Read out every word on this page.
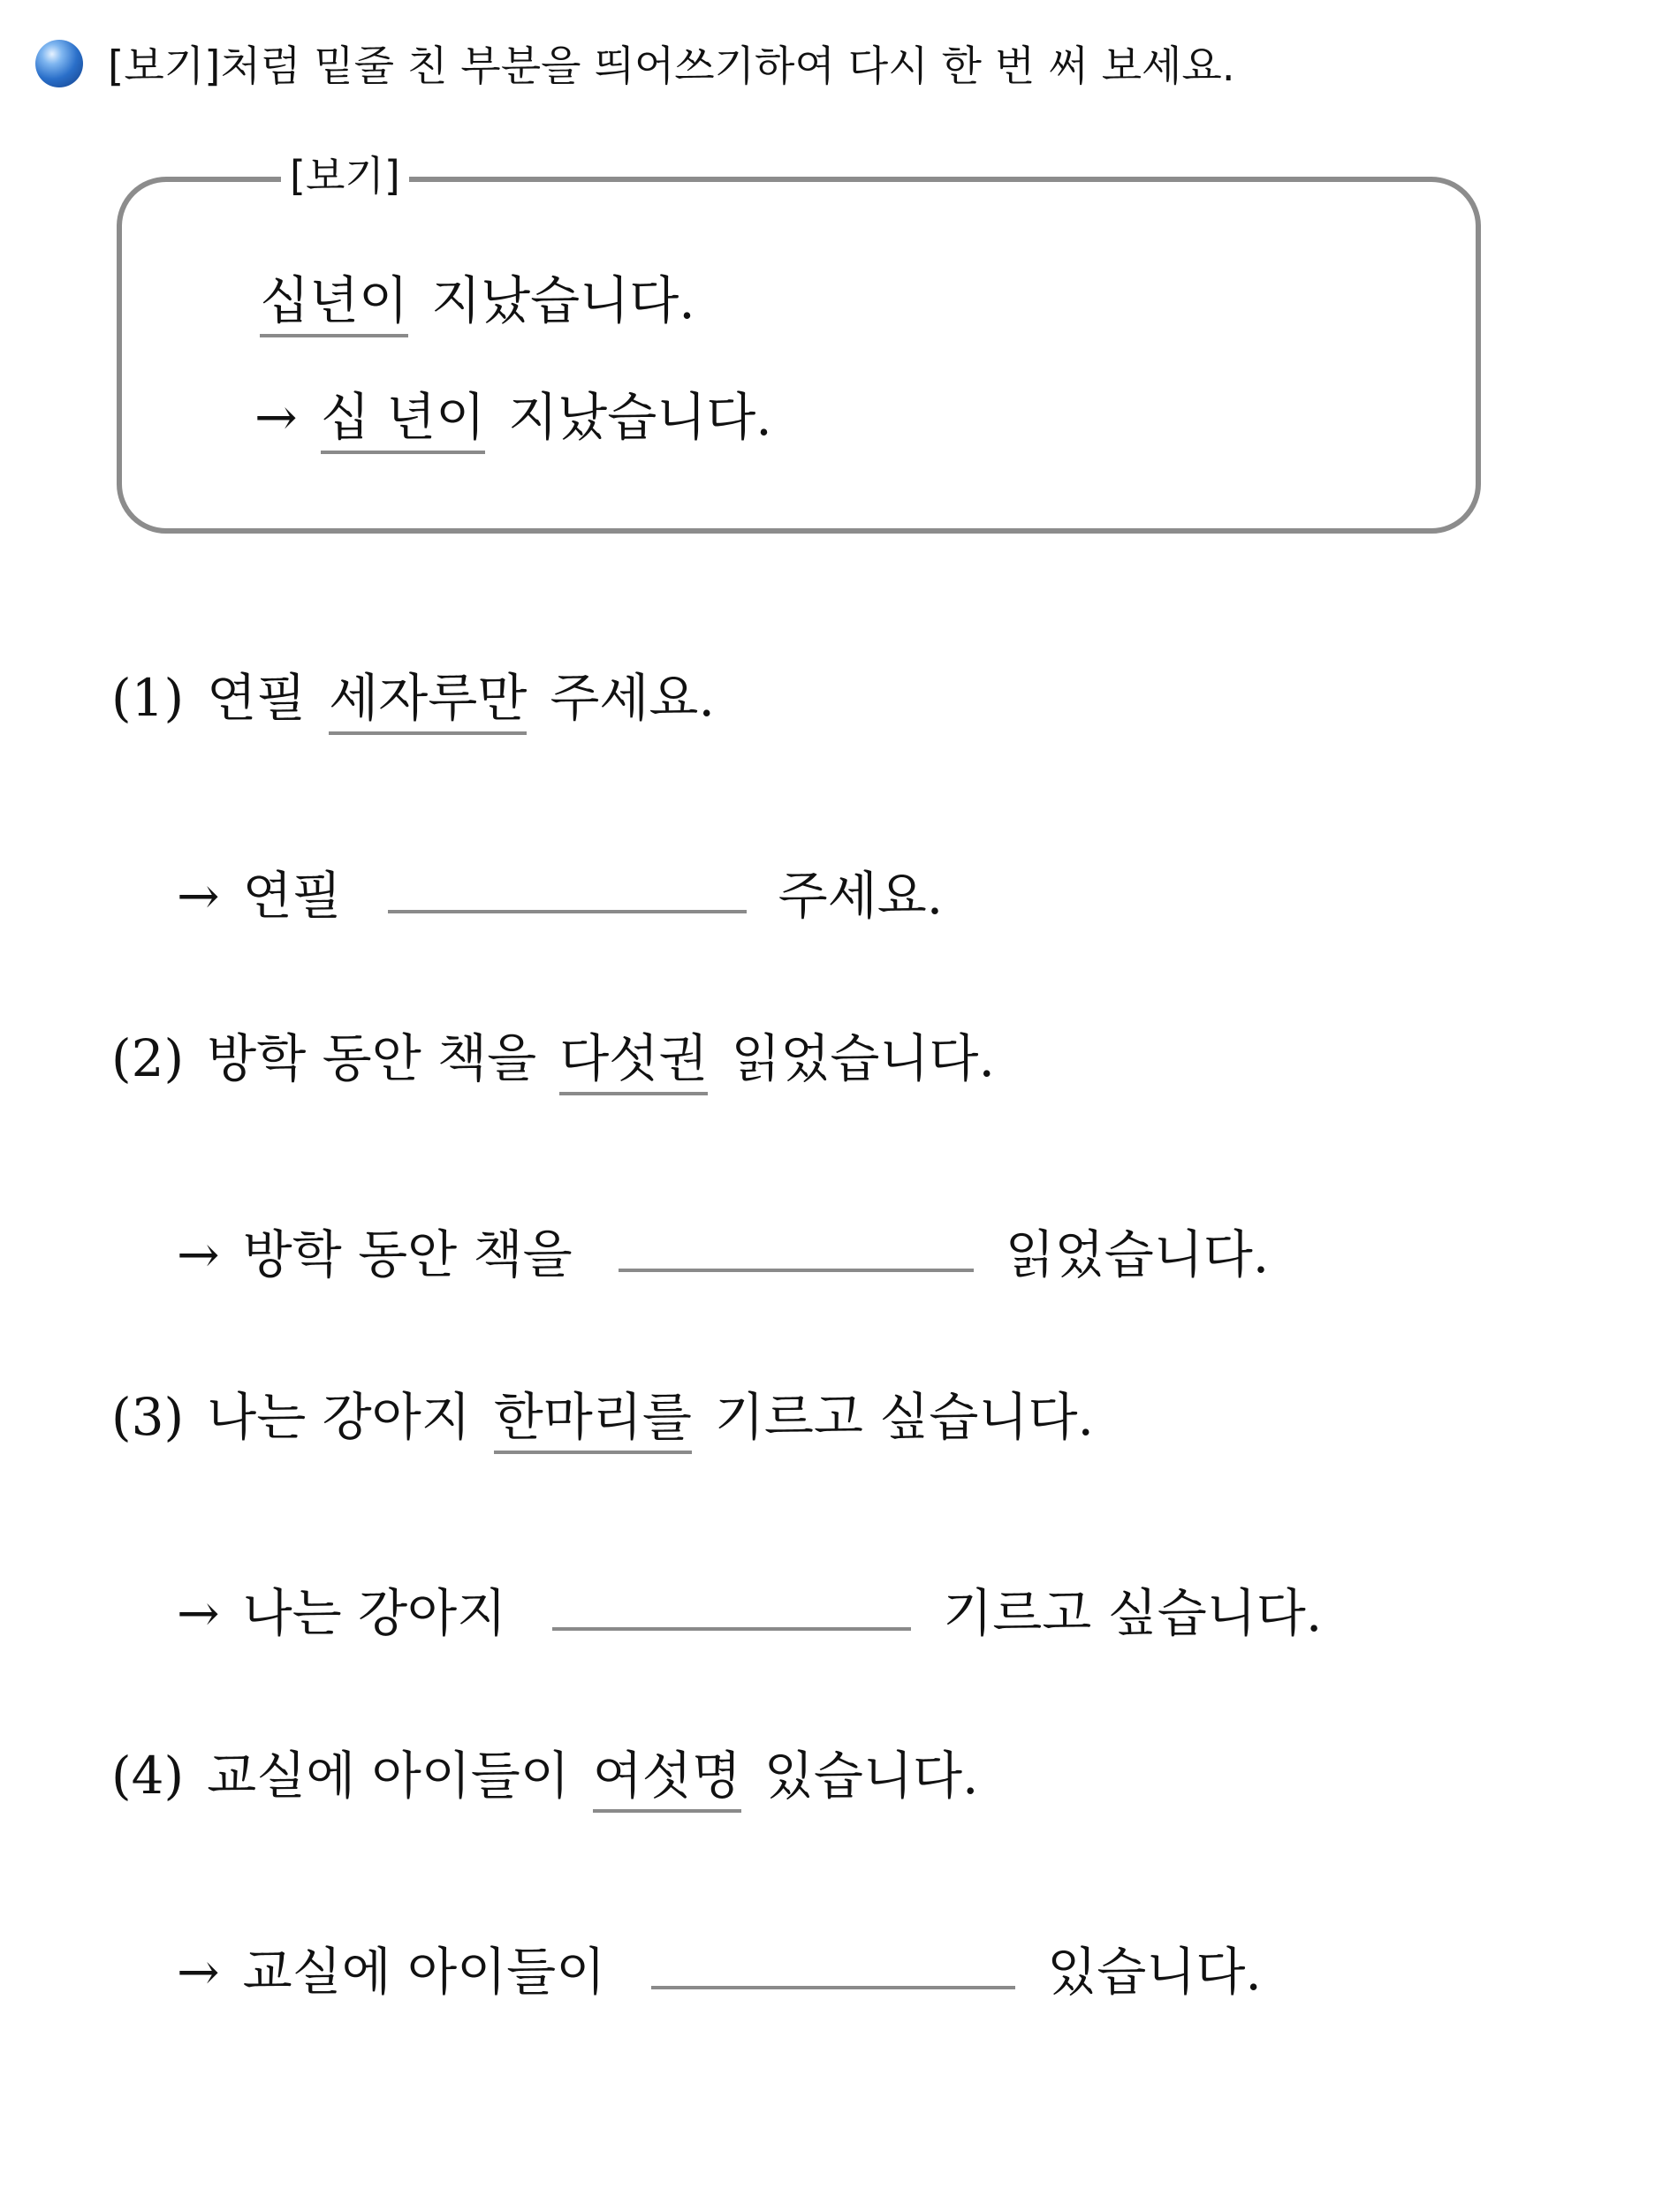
[보기]처럼 밑줄 친 부분을 띄어쓰기하여 다시 한 번 써 보세요.
[보기]
십년이 지났습니다.
→ 십 년이 지났습니다.
(1) 연필 세자루만 주세요.
→ 연필	주세요.
(2) 방학 동안 책을 다섯권 읽었습니다.
→ 방학 동안 책을	읽었습니다.
(3) 나는 강아지 한마리를 기르고 싶습니다.
→ 나는 강아지	기르고 싶습니다.
(4) 교실에 아이들이 여섯명 있습니다.
→ 교실에 아이들이	있습니다.
